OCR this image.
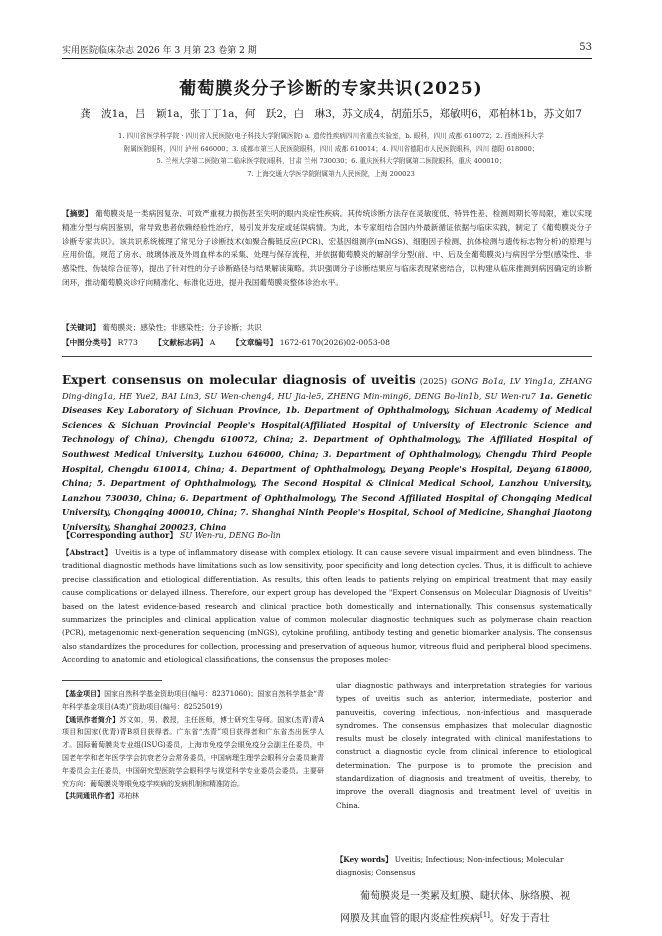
实用医院临床杂志 2026 年 3 月第 23 卷第 2 期	53
葡萄膜炎分子诊断的专家共识(2025)
龚　波1a，吕　颖1a，张丁丁1a，何　跃2，白　琳3，苏文成4，胡茄乐5，郑敏明6，邓柏林1b，苏文如7
1. 四川省医学科学院 · 四川省人民医院(电子科技大学附属医院) a. 遗传性疾病四川省重点实验室，b. 眼科，四川 成都 610072；2. 西南医科大学
附属医院眼科，四川 泸州 646000；3. 成都市第三人民医院眼科，四川 成都 610014；4. 四川省德阳市人民医院眼科，四川 德阳 618000；
5. 兰州大学第二医院(第二临床医学院)眼科，甘肃 兰州 730030；6. 重庆医科大学附属第二医院眼科，重庆 400010；
7. 上海交通大学医学院附属第九人民医院，上海 200023
【摘要】 葡萄膜炎是一类病因复杂、可致严重视力损伤甚至失明的眼内炎症性疾病。其传统诊断方法存在灵敏度低、特异性差、检测周期长等局限，难以实现精准分型与病因鉴别，常导致患者依赖经验性治疗，易引发并发症或延误病情。为此，本专家组结合国内外最新循证依据与临床实践，制定了《葡萄膜炎分子诊断专家共识》。该共识系统梳理了常见分子诊断技术(如聚合酶链反应(PCR)、宏基因组测序(mNGS)、细胞因子检测、抗体检测与遗传标志物分析)的原理与应用价值，规范了房水、玻璃体液及外周血样本的采集、处理与保存流程，并依据葡萄膜炎的解剖学分型(前、中、后及全葡萄膜炎)与病因学分型(感染性、非感染性、伪装综合征等)，提出了针对性的分子诊断路径与结果解读策略。共识强调分子诊断结果应与临床表现紧密结合，以构建从临床推测到病因确定的诊断闭环，推动葡萄膜炎诊疗向精准化、标准化迈进，提升我国葡萄膜炎整体诊治水平。
【关键词】 葡萄膜炎；感染性；非感染性；分子诊断；共识
【中图分类号】 R773 【文献标志码】 A 【文章编号】 1672-6170(2026)02-0053-08
Expert consensus on molecular diagnosis of uveitis (2025) GONG Bo1a, LV Ying1a, ZHANG Ding-ding1a, HE Yue2, BAI Lin3, SU Wen-cheng4, HU Jia-le5, ZHENG Min-ming6, DENG Bo-lin1b, SU Wen-ru7 1a. Genetic Diseases Key Laboratory of Sichuan Province, 1b. Department of Ophthalmology, Sichuan Academy of Medical Sciences & Sichuan Provincial People's Hospital(Affiliated Hospital of University of Electronic Science and Technology of China), Chengdu 610072, China; 2. Department of Ophthalmology, The Affiliated Hospital of Southwest Medical University, Luzhou 646000, China; 3. Department of Ophthalmology, Chengdu Third People Hospital, Chengdu 610014, China; 4. Department of Ophthalmology, Deyang People's Hospital, Deyang 618000, China; 5. Department of Ophthalmology, The Second Hospital & Clinical Medical School, Lanzhou University, Lanzhou 730030, China; 6. Department of Ophthalmology, The Second Affiliated Hospital of Chongqing Medical University, Chongqing 400010, China; 7. Shanghai Ninth People's Hospital, School of Medicine, Shanghai Jiaotong University, Shanghai 200023, China
【Corresponding author】 SU Wen-ru, DENG Bo-lin
【Abstract】 Uveitis is a type of inflammatory disease with complex etiology. It can cause severe visual impairment and even blindness. The traditional diagnostic methods have limitations such as low sensitivity, poor specificity and long detection cycles. Thus, it is difficult to achieve precise classification and etiological differentiation. As results, this often leads to patients relying on empirical treatment that may easily cause complications or delayed illness. Therefore, our expert group has developed the "Expert Consensus on Molecular Diagnosis of Uveitis" based on the latest evidence-based research and clinical practice both domestically and internationally. This consensus systematically summarizes the principles and clinical application value of common molecular diagnostic techniques such as polymerase chain reaction (PCR), metagenomic next-generation sequencing (mNGS), cytokine profiling, antibody testing and genetic biomarker analysis. The consensus also standardizes the procedures for collection, processing and preservation of aqueous humor, vitreous fluid and peripheral blood specimens. According to anatomic and etiological classifications, the consensus the proposes molec-
ular diagnostic pathways and interpretation strategies for various types of uveitis such as anterior, intermediate, posterior and panuveitis, covering infectious, non-infectious and masquerade syndromes. The consensus emphasizes that molecular diagnostic results must be closely integrated with clinical manifestations to construct a diagnostic cycle from clinical inference to etiological determination. The purpose is to promote the precision and standardization of diagnosis and treatment of uveitis, thereby, to improve the overall diagnosis and treatment level of uveitis in China.
【Key words】 Uveitis; Infectious; Non-infectious; Molecular diagnosis; Consensus
【基金项目】国家自然科学基金资助项目(编号：82371060)；国家自然科学基金“青年科学基金项目(A类)”资助项目(编号：82525019)
【通讯作者简介】苏文如，男，教授，主任医师，博士研究生导师。国家(杰青)青A项目和国家(优青)青B项目获得者。广东省“杰青”项目获得者和广东省杰出医学人才。国际葡萄膜炎专业组(ISUG)委员，上海市免疫学会眼免疫分会副主任委员，中国老年学和老年医学学会抗衰老分会常务委员，中国病理生理学会眼科分会委员兼青年委员会主任委员，中国研究型医院学会眼科学与视觉科学专业委员会委员。主要研究方向：葡萄膜炎等眼免疫学疾病的发病机制和精准防治。
【共同通讯作者】邓柏林
葡萄膜炎是一类累及虹膜、睫状体、脉络膜、视
网膜及其血管的眼内炎症性疾病[1]。好发于青壮
